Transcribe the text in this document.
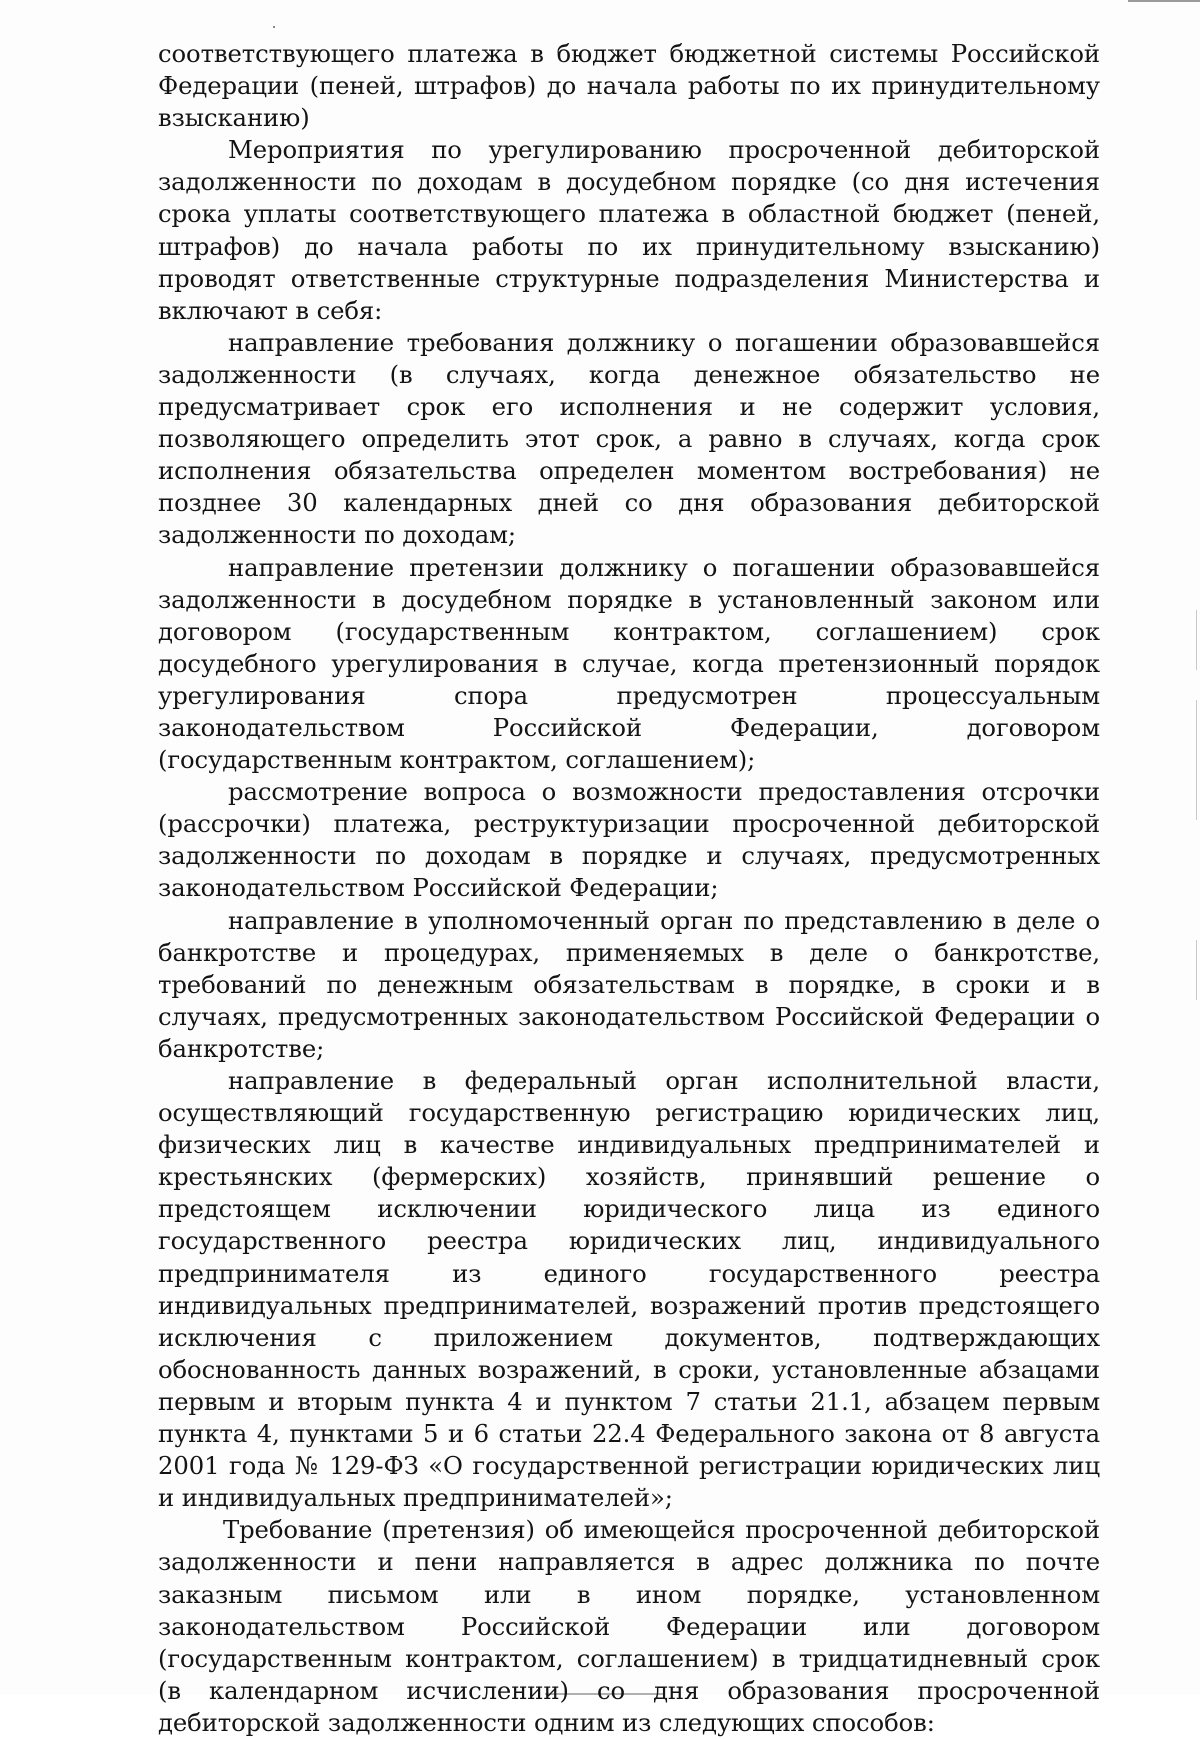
соответствующего платежа в бюджет бюджетной системы Российской Федерации (пеней, штрафов) до начала работы по их принудительному взысканию)

Мероприятия по урегулированию просроченной дебиторской задолженности по доходам в досудебном порядке (со дня истечения срока уплаты соответствующего платежа в областной бюджет (пеней, штрафов) до начала работы по их принудительному взысканию) проводят ответственные структурные подразделения Министерства и включают в себя:

направление требования должнику о погашении образовавшейся задолженности (в случаях, когда денежное обязательство не предусматривает срок его исполнения и не содержит условия, позволяющего определить этот срок, а равно в случаях, когда срок исполнения обязательства определен моментом востребования) не позднее 30 календарных дней со дня образования дебиторской задолженности по доходам;

направление претензии должнику о погашении образовавшейся задолженности в досудебном порядке в установленный законом или договором (государственным контрактом, соглашением) срок досудебного урегулирования в случае, когда претензионный порядок урегулирования спора предусмотрен процессуальным законодательством Российской Федерации, договором (государственным контрактом, соглашением);

рассмотрение вопроса о возможности предоставления отсрочки (рассрочки) платежа, реструктуризации просроченной дебиторской задолженности по доходам в порядке и случаях, предусмотренных законодательством Российской Федерации;

направление в уполномоченный орган по представлению в деле о банкротстве и процедурах, применяемых в деле о банкротстве, требований по денежным обязательствам в порядке, в сроки и в случаях, предусмотренных законодательством Российской Федерации о банкротстве;

направление в федеральный орган исполнительной власти, осуществляющий государственную регистрацию юридических лиц, физических лиц в качестве индивидуальных предпринимателей и крестьянских (фермерских) хозяйств, принявший решение о предстоящем исключении юридического лица из единого государственного реестра юридических лиц, индивидуального предпринимателя из единого государственного реестра индивидуальных предпринимателей, возражений против предстоящего исключения с приложением документов, подтверждающих обоснованность данных возражений, в сроки, установленные абзацами первым и вторым пункта 4 и пунктом 7 статьи 21.1, абзацем первым пункта 4, пунктами 5 и 6 статьи 22.4 Федерального закона от 8 августа 2001 года № 129-ФЗ «О государственной регистрации юридических лиц и индивидуальных предпринимателей»;

Требование (претензия) об имеющейся просроченной дебиторской задолженности и пени направляется в адрес должника по почте заказным письмом или в ином порядке, установленном законодательством Российской Федерации или договором (государственным контрактом, соглашением) в тридцатидневный срок (в календарном исчислении) со дня образования просроченной дебиторской задолженности одним из следующих способов:
